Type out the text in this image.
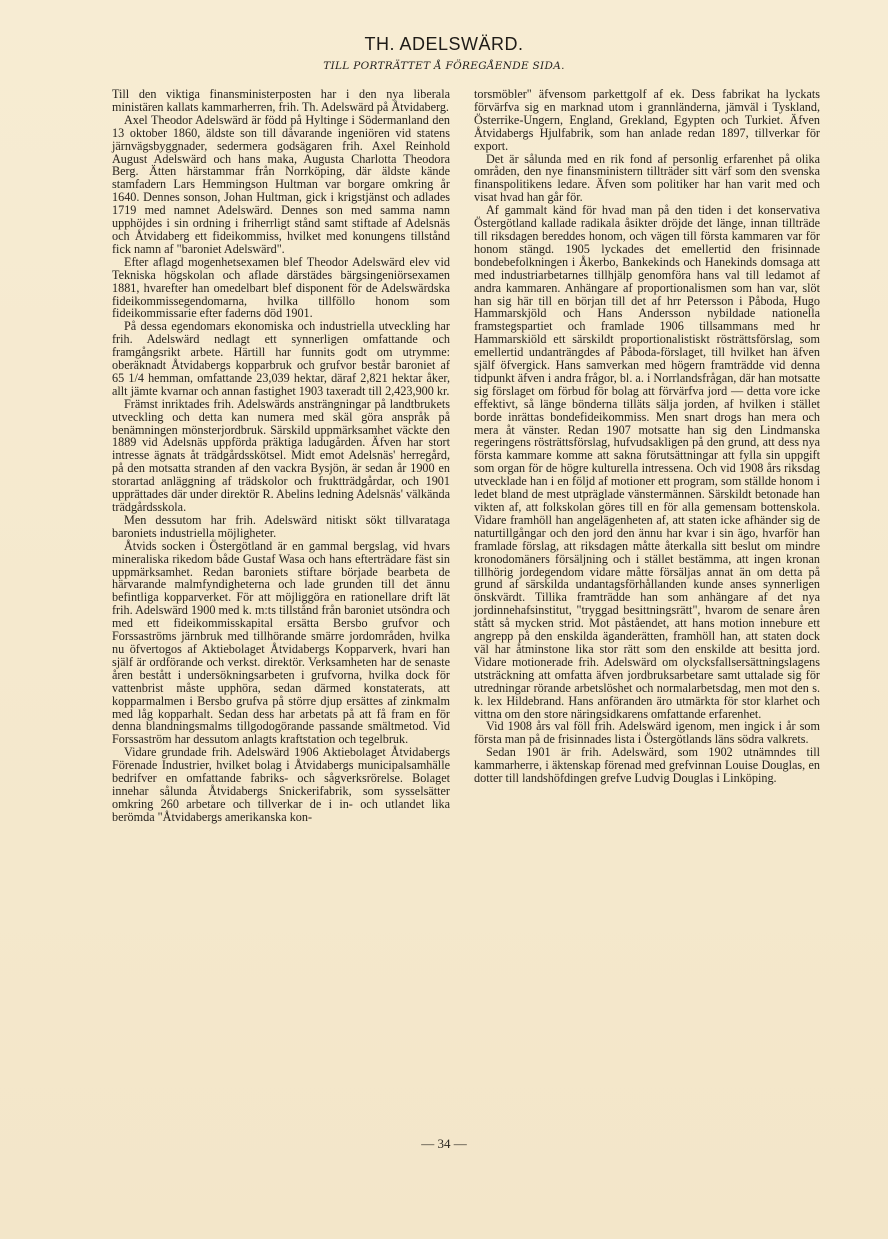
TH. ADELSWÄRD.
TILL PORTRÄTTET Å FÖREGÅENDE SIDA.

Till den viktiga finansministerposten har i den nya liberala ministären kallats kammarherren, frih. Th. Adelswärd på Åtvidaberg.

Axel Theodor Adelswärd är född på Hyltinge i Södermanland den 13 oktober 1860, äldste son till dåvarande ingeniören vid statens järnvägsbyggnader, sedermera godsägaren frih. Axel Reinhold August Adelswärd och hans maka, Augusta Charlotta Theodora Berg. Ätten härstammar från Norrköping, där äldste kände stamfadern Lars Hemmingson Hultman var borgare omkring år 1640. Dennes sonson, Johan Hultman, gick i krigstjänst och adlades 1719 med namnet Adelswärd. Dennes son med samma namn upphöjdes i sin ordning i friherrligt stånd samt stiftade af Adelsnäs och Åtvidaberg ett fideikommiss, hvilket med konungens tillstånd fick namn af "baroniet Adelswärd".

Efter aflagd mogenhetsexamen blef Theodor Adelswärd elev vid Tekniska högskolan och aflade därstädes bärgsingeniörsexamen 1881, hvarefter han omedelbart blef disponent för de Adelswärdska fideikommissegendomarna, hvilka tillföllo honom som fideikommissarie efter faderns död 1901.

På dessa egendomars ekonomiska och industriella utveckling har frih. Adelswärd nedlagt ett synnerligen omfattande och framgångsrikt arbete. Härtill har funnits godt om utrymme: oberäknadt Åtvidabergs kopparbruk och grufvor består baroniet af 65 1/4 hemman, omfattande 23,039 hektar, däraf 2,821 hektar åker, allt jämte kvarnar och annan fastighet 1903 taxeradt till 2,423,900 kr.

Främst inriktades frih. Adelswärds ansträngningar på landtbrukets utveckling och detta kan numera med skäl göra anspråk på benämningen mönsterjordbruk. Särskild uppmärksamhet väckte den 1889 vid Adelsnäs uppförda präktiga ladugården. Äfven har stort intresse ägnats åt trädgårdsskötsel. Midt emot Adelsnäs' herregård, på den motsatta stranden af den vackra Bysjön, är sedan år 1900 en storartad anläggning af trädskolor och fruktträdgårdar, och 1901 upprättades där under direktör R. Abelins ledning Adelsnäs' välkända trädgårdsskola.

Men dessutom har frih. Adelswärd nitiskt sökt tillvarataga baroniets industriella möjligheter.

Åtvids socken i Östergötland är en gammal bergslag, vid hvars mineraliska rikedom både Gustaf Wasa och hans efterträdare fäst sin uppmärksamhet. Redan baroniets stiftare började bearbeta de härvarande malmfyndigheterna och lade grunden till det ännu befintliga kopparverket. För att möjliggöra en rationellare drift lät frih. Adelswärd 1900 med k. m:ts tillstånd från baroniet utsöndra och med ett fideikommisskapital ersätta Bersbo grufvor och Forssaströms järnbruk med tillhörande smärre jordområden, hvilka nu öfvertogos af Aktiebolaget Åtvidabergs Kopparverk, hvari han själf är ordförande och verkst. direktör. Verksamheten har de senaste åren bestått i undersökningsarbeten i grufvorna, hvilka dock för vattenbrist måste upphöra, sedan därmed konstaterats, att kopparmalmen i Bersbo grufva på större djup ersättes af zinkmalm med låg kopparhalt. Sedan dess har arbetats på att få fram en för denna blandningsmalms tillgodogörande passande smältmetod. Vid Forssaström har dessutom anlagts kraftstation och tegelbruk.

Vidare grundade frih. Adelswärd 1906 Aktiebolaget Åtvidabergs Förenade Industrier, hvilket bolag i Åtvidabergs municipalsamhälle bedrifver en omfattande fabriks- och sågverksrörelse. Bolaget innehar sålunda Åtvidabergs Snickerifabrik, som sysselsätter omkring 260 arbetare och tillverkar de i in- och utlandet lika berömda "Åtvidabergs amerikanska kon-

torsmöbler" äfvensom parkettgolf af ek. Dess fabrikat ha lyckats förvärfva sig en marknad utom i grannländerna, jämväl i Tyskland, Österrike-Ungern, England, Grekland, Egypten och Turkiet. Äfven Åtvidabergs Hjulfabrik, som han anlade redan 1897, tillverkar för export.

Det är sålunda med en rik fond af personlig erfarenhet på olika områden, den nye finansministern tillträder sitt värf som den svenska finanspolitikens ledare. Äfven som politiker har han varit med och visat hvad han går för.

Af gammalt känd för hvad man på den tiden i det konservativa Östergötland kallade radikala åsikter dröjde det länge, innan tillträde till riksdagen bereddes honom, och vägen till första kammaren var för honom stängd. 1905 lyckades det emellertid den frisinnade bondebefolkningen i Åkerbo, Bankekinds och Hanekinds domsaga att med industriarbetarnes tillhjälp genomföra hans val till ledamot af andra kammaren. Anhängare af proportionalismen som han var, slöt han sig här till en början till det af hrr Petersson i Påboda, Hugo Hammarskjöld och Hans Andersson nybildade nationella framstegspartiet och framlade 1906 tillsammans med hr Hammarskiöld ett särskildt proportionalistiskt rösträttsförslag, som emellertid undanträngdes af Påboda-förslaget, till hvilket han äfven själf öfvergick. Hans samverkan med högern framträdde vid denna tidpunkt äfven i andra frågor, bl. a. i Norrlandsfrågan, där han motsatte sig förslaget om förbud för bolag att förvärfva jord — detta vore icke effektivt, så länge bönderna tilläts sälja jorden, af hvilken i stället borde inrättas bondefideikommiss. Men snart drogs han mera och mera åt vänster. Redan 1907 motsatte han sig den Lindmanska regeringens rösträttsförslag, hufvudsakligen på den grund, att dess nya första kammare komme att sakna förutsättningar att fylla sin uppgift som organ för de högre kulturella intressena. Och vid 1908 års riksdag utvecklade han i en följd af motioner ett program, som ställde honom i ledet bland de mest utpräglade vänstermännen. Särskildt betonade han vikten af, att folkskolan göres till en för alla gemensam bottenskola. Vidare framhöll han angelägenheten af, att staten icke afhänder sig de naturtillgångar och den jord den ännu har kvar i sin ägo, hvarför han framlade förslag, att riksdagen måtte återkalla sitt beslut om mindre kronodomäners försäljning och i stället bestämma, att ingen kronan tillhörig jordegendom vidare måtte försäljas annat än om detta på grund af särskilda undantagsförhållanden kunde anses synnerligen önskvärdt. Tillika framträdde han som anhängare af det nya jordinnehafsinstitut, "tryggad besittningsrätt", hvarom de senare åren stått så mycken strid. Mot påståendet, att hans motion inneburе ett angrepp på den enskilda äganderätten, framhöll han, att staten dock väl har åtminstone lika stor rätt som den enskilde att besitta jord. Vidare motionerade frih. Adelswärd om olycksfallsersättningslagens utsträckning att omfatta äfven jordbruksarbetare samt uttalade sig för utredningar rörande arbetslöshet och normalarbetsdag, men mot den s. k. lex Hildebrand. Hans anföranden äro utmärkta för stor klarhet och vittna om den store näringsidkarens omfattande erfarenhet.

Vid 1908 års val föll frih. Adelswärd igenom, men ingick i år som första man på de frisinnades lista i Östergötlands läns södra valkrets.

Sedan 1901 är frih. Adelswärd, som 1902 utnämndes till kammarherre, i äktenskap förenad med grefvinnan Louise Douglas, en dotter till landshöfdingen grefve Ludvig Douglas i Linköping.

— 34 —
